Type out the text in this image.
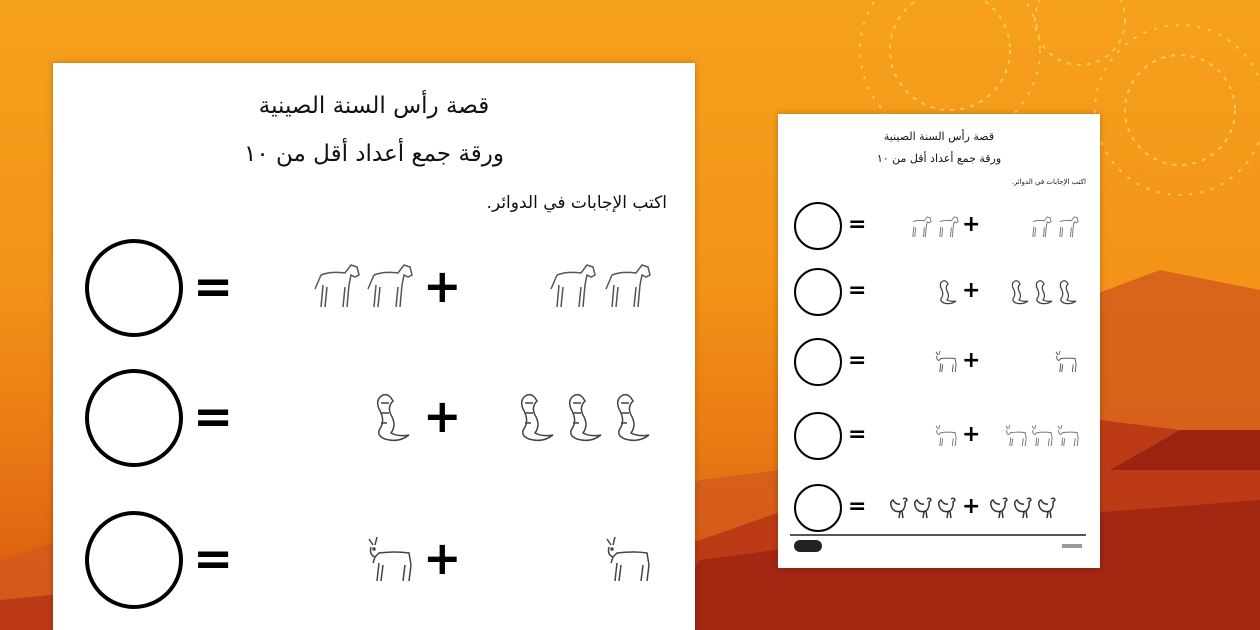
قصة رأس السنة الصينية
ورقة جمع أعداد أقل من ١٠
اكتب الإجابات في الدوائر.
=	+
=	+
=	+
قصة رأس السنة الصينية
ورقة جمع أعداد أقل من ١٠
اكتب الإجابات في الدوائر.
=	+
=	+
=	+
=	+
=	+
